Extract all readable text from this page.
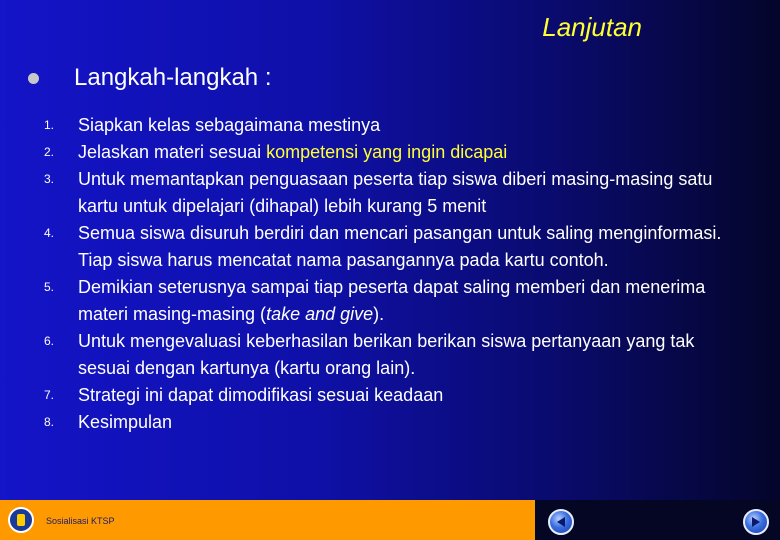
Lanjutan
Langkah-langkah :
1.	Siapkan kelas sebagaimana mestinya
2.	Jelaskan materi sesuai kompetensi yang ingin dicapai
3.	Untuk memantapkan penguasaan peserta tiap siswa diberi masing-masing satu kartu untuk dipelajari (dihapal) lebih kurang 5 menit
4.	Semua siswa disuruh berdiri dan mencari pasangan untuk saling menginformasi. Tiap siswa harus mencatat nama pasangannya pada kartu contoh.
5.	Demikian seterusnya sampai tiap peserta dapat saling memberi dan menerima materi masing-masing (take and give).
6.	Untuk mengevaluasi keberhasilan berikan berikan siswa pertanyaan yang tak sesuai dengan kartunya (kartu orang lain).
7.	Strategi ini dapat dimodifikasi sesuai keadaan
8.	Kesimpulan
Sosialisasi KTSP
